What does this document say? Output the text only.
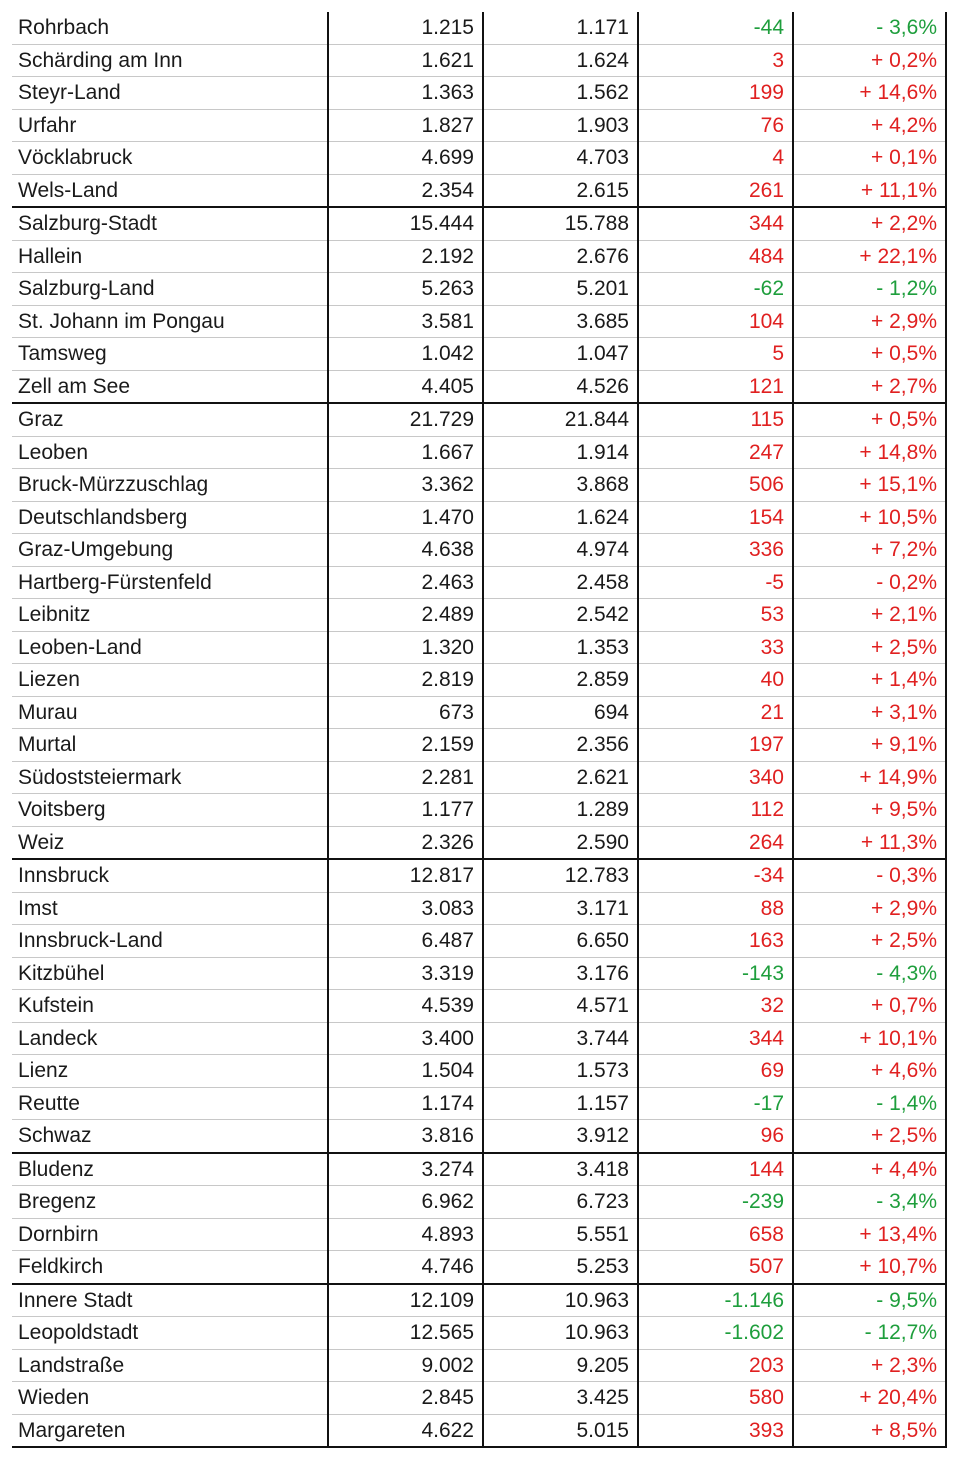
Rohrbach	1.215	1.171	-44	- 3,6%
Schärding am Inn	1.621	1.624	3	+ 0,2%
Steyr-Land	1.363	1.562	199	+ 14,6%
Urfahr	1.827	1.903	76	+ 4,2%
Vöcklabruck	4.699	4.703	4	+ 0,1%
Wels-Land	2.354	2.615	261	+ 11,1%
Salzburg-Stadt	15.444	15.788	344	+ 2,2%
Hallein	2.192	2.676	484	+ 22,1%
Salzburg-Land	5.263	5.201	-62	- 1,2%
St. Johann im Pongau	3.581	3.685	104	+ 2,9%
Tamsweg	1.042	1.047	5	+ 0,5%
Zell am See	4.405	4.526	121	+ 2,7%
Graz	21.729	21.844	115	+ 0,5%
Leoben	1.667	1.914	247	+ 14,8%
Bruck-Mürzzuschlag	3.362	3.868	506	+ 15,1%
Deutschlandsberg	1.470	1.624	154	+ 10,5%
Graz-Umgebung	4.638	4.974	336	+ 7,2%
Hartberg-Fürstenfeld	2.463	2.458	-5	- 0,2%
Leibnitz	2.489	2.542	53	+ 2,1%
Leoben-Land	1.320	1.353	33	+ 2,5%
Liezen	2.819	2.859	40	+ 1,4%
Murau	673	694	21	+ 3,1%
Murtal	2.159	2.356	197	+ 9,1%
Südoststeiermark	2.281	2.621	340	+ 14,9%
Voitsberg	1.177	1.289	112	+ 9,5%
Weiz	2.326	2.590	264	+ 11,3%
Innsbruck	12.817	12.783	-34	- 0,3%
Imst	3.083	3.171	88	+ 2,9%
Innsbruck-Land	6.487	6.650	163	+ 2,5%
Kitzbühel	3.319	3.176	-143	- 4,3%
Kufstein	4.539	4.571	32	+ 0,7%
Landeck	3.400	3.744	344	+ 10,1%
Lienz	1.504	1.573	69	+ 4,6%
Reutte	1.174	1.157	-17	- 1,4%
Schwaz	3.816	3.912	96	+ 2,5%
Bludenz	3.274	3.418	144	+ 4,4%
Bregenz	6.962	6.723	-239	- 3,4%
Dornbirn	4.893	5.551	658	+ 13,4%
Feldkirch	4.746	5.253	507	+ 10,7%
Innere Stadt	12.109	10.963	-1.146	- 9,5%
Leopoldstadt	12.565	10.963	-1.602	- 12,7%
Landstraße	9.002	9.205	203	+ 2,3%
Wieden	2.845	3.425	580	+ 20,4%
Margareten	4.622	5.015	393	+ 8,5%
